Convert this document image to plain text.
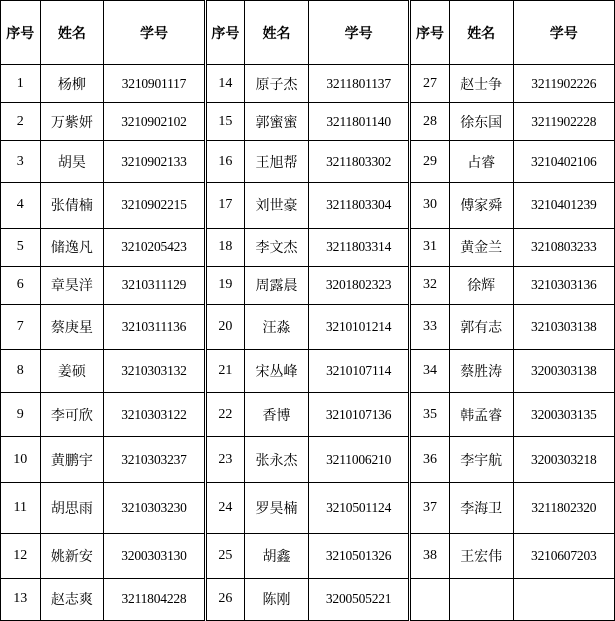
序号	姓名	学号	序号	姓名	学号	序号	姓名	学号
1	杨柳	3210901117	14	原子杰	3211801137	27	赵士争	3211902226
2	万紫妍	3210902102	15	郭蜜蜜	3211801140	28	徐东国	3211902228
3	胡昊	3210902133	16	王旭帮	3211803302	29	占睿	3210402106
4	张倩楠	3210902215	17	刘世豪	3211803304	30	傅家舜	3210401239
5	储逸凡	3210205423	18	李文杰	3211803314	31	黄金兰	3210803233
6	章昊洋	3210311129	19	周露晨	3201802323	32	徐辉	3210303136
7	蔡庚星	3210311136	20	汪淼	3210101214	33	郭有志	3210303138
8	姜硕	3210303132	21	宋丛峰	3210107114	34	蔡胜涛	3200303138
9	李可欣	3210303122	22	香博	3210107136	35	韩孟睿	3200303135
10	黄鹏宇	3210303237	23	张永杰	3211006210	36	李宇航	3200303218
11	胡思雨	3210303230	24	罗昊楠	3210501124	37	李海卫	3211802320
12	姚新安	3200303130	25	胡鑫	3210501326	38	王宏伟	3210607203
13	赵志爽	3211804228	26	陈刚	3200505221			
